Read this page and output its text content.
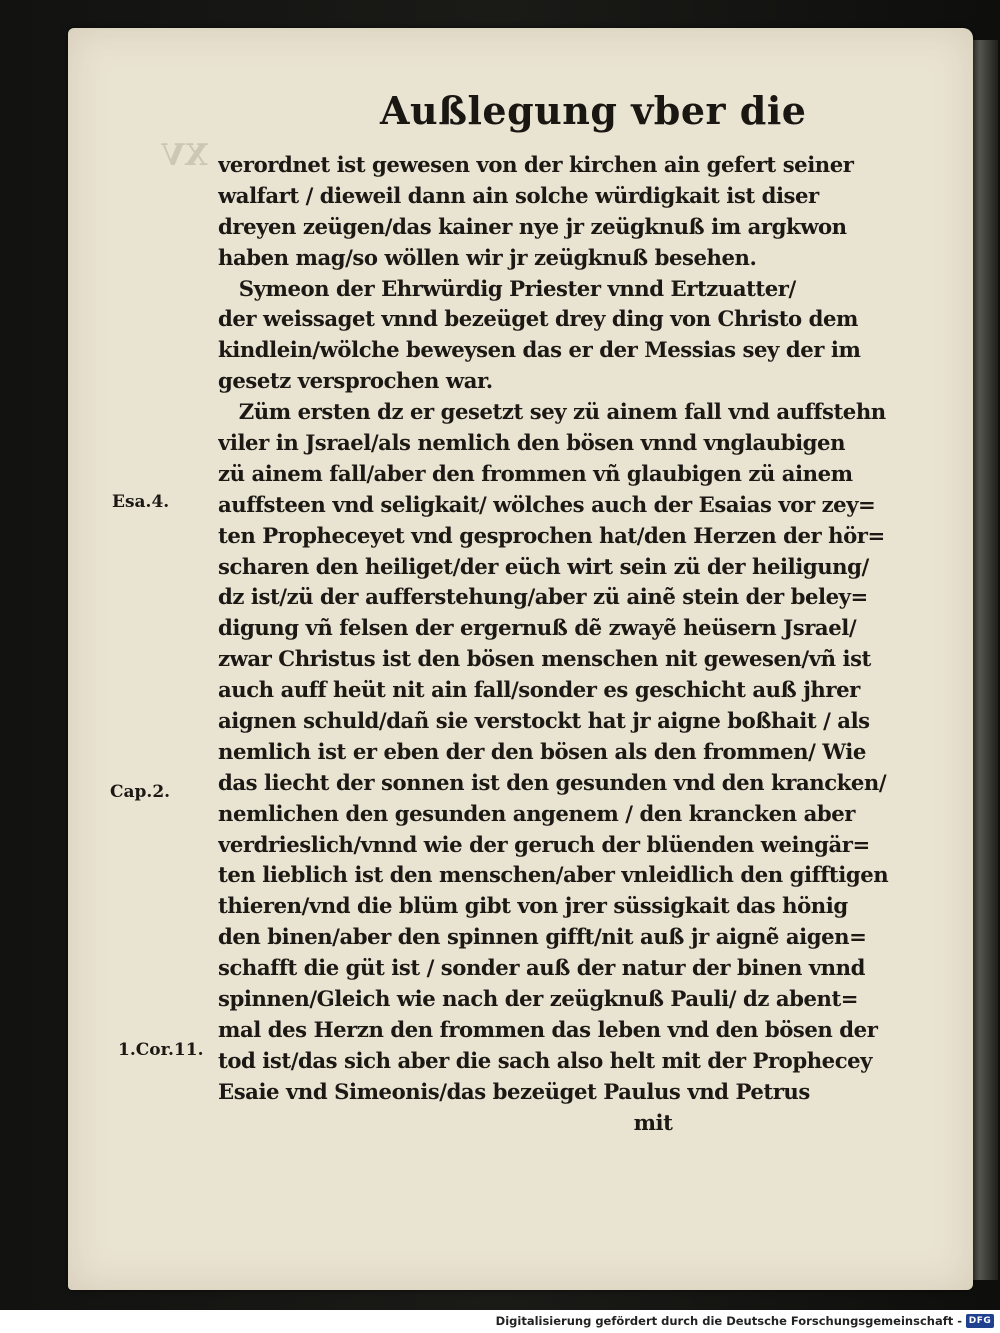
XV
Außlegung vber die
verordnet ist gewesen von der kirchen ain gefert seiner
walfart / dieweil dann ain solche würdigkait ist diser
dreyen zeügen/das kainer nye jr zeügknuß im argkwon
haben mag/so wöllen wir jr zeügknuß besehen.
Symeon der Ehrwürdig Priester vnnd Ertzuatter/
der weissaget vnnd bezeüget drey ding von Christo dem
kindlein/wölche beweysen das er der Messias sey der im
gesetz versprochen war.
Züm ersten dz er gesetzt sey zü ainem fall vnd auffstehn
viler in Jsrael/als nemlich den bösen vnnd vnglaubigen
zü ainem fall/aber den frommen vñ glaubigen zü ainem
auffsteen vnd seligkait/ wölches auch der Esaias vor zey=
ten Propheceyet vnd gesprochen hat/den Herzen der hör=
scharen den heiliget/der eüch wirt sein zü der heiligung/
dz ist/zü der aufferstehung/aber zü ainẽ stein der beley=
digung vñ felsen der ergernuß dẽ zwayẽ heüsern Jsrael/
zwar Christus ist den bösen menschen nit gewesen/vñ ist
auch auff heüt nit ain fall/sonder es geschicht auß jhrer
aignen schuld/dañ sie verstockt hat jr aigne boßhait / als
nemlich ist er eben der den bösen als den frommen/ Wie
das liecht der sonnen ist den gesunden vnd den krancken/
nemlichen den gesunden angenem / den krancken aber
verdrieslich/vnnd wie der geruch der blüenden weingär=
ten lieblich ist den menschen/aber vnleidlich den gifftigen
thieren/vnd die blüm gibt von jrer süssigkait das hönig
den binen/aber den spinnen gifft/nit auß jr aignẽ aigen=
schafft die güt ist / sonder auß der natur der binen vnnd
spinnen/Gleich wie nach der zeügknuß Pauli/ dz abent=
mal des Herzn den frommen das leben vnd den bösen der
tod ist/das sich aber die sach also helt mit der Prophecey
Esaie vnd Simeonis/das bezeüget Paulus vnd Petrus
mit
Esa.4.
Cap.2.
1.Cor.11.
Digitalisierung gefördert durch die Deutsche Forschungsgemeinschaft - DFG
